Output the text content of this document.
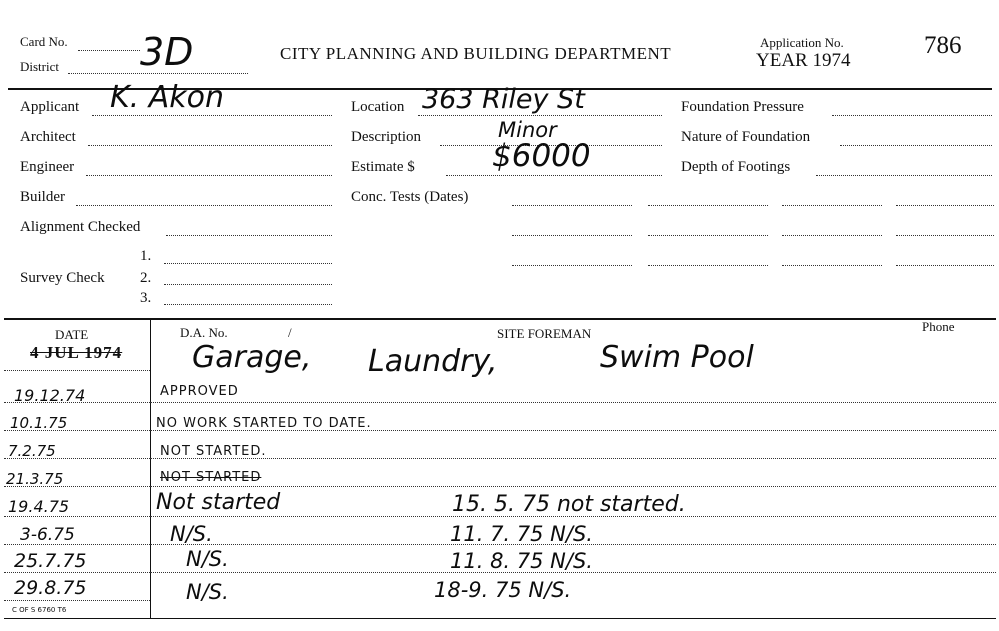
Card No.
District 3D	CITY PLANNING AND BUILDING DEPARTMENT
Application No.
YEAR 1974
786
Applicant K. Akon
Architect
Engineer
Builder
Alignment Checked
1.
Survey Check 2.
3.
Location 363 Riley St
Description	Minor
Estimate $ $6000
Conc. Tests (Dates)
Foundation Pressure
Nature of Foundation
Depth of Footings
DATE	D.A. No.	/	SITE FOREMAN	Phone
4 JUL 1974 Garage, Laundry,	Swim Pool
19.12.74	APPROVED
10.1.75	NO WORK STARTED TO DATE.
7.2.75	NOT STARTED.
21.3.75	NOT STARTED
19.4.75	Not started	15. 5. 75 not started.
3-6.75	N/S.	11. 7. 75 N/S.
25.7.75	N/S.	11. 8. 75 N/S.
29.8.75	N/S.	18-9. 75 N/S.
C OF S 6760 T6
